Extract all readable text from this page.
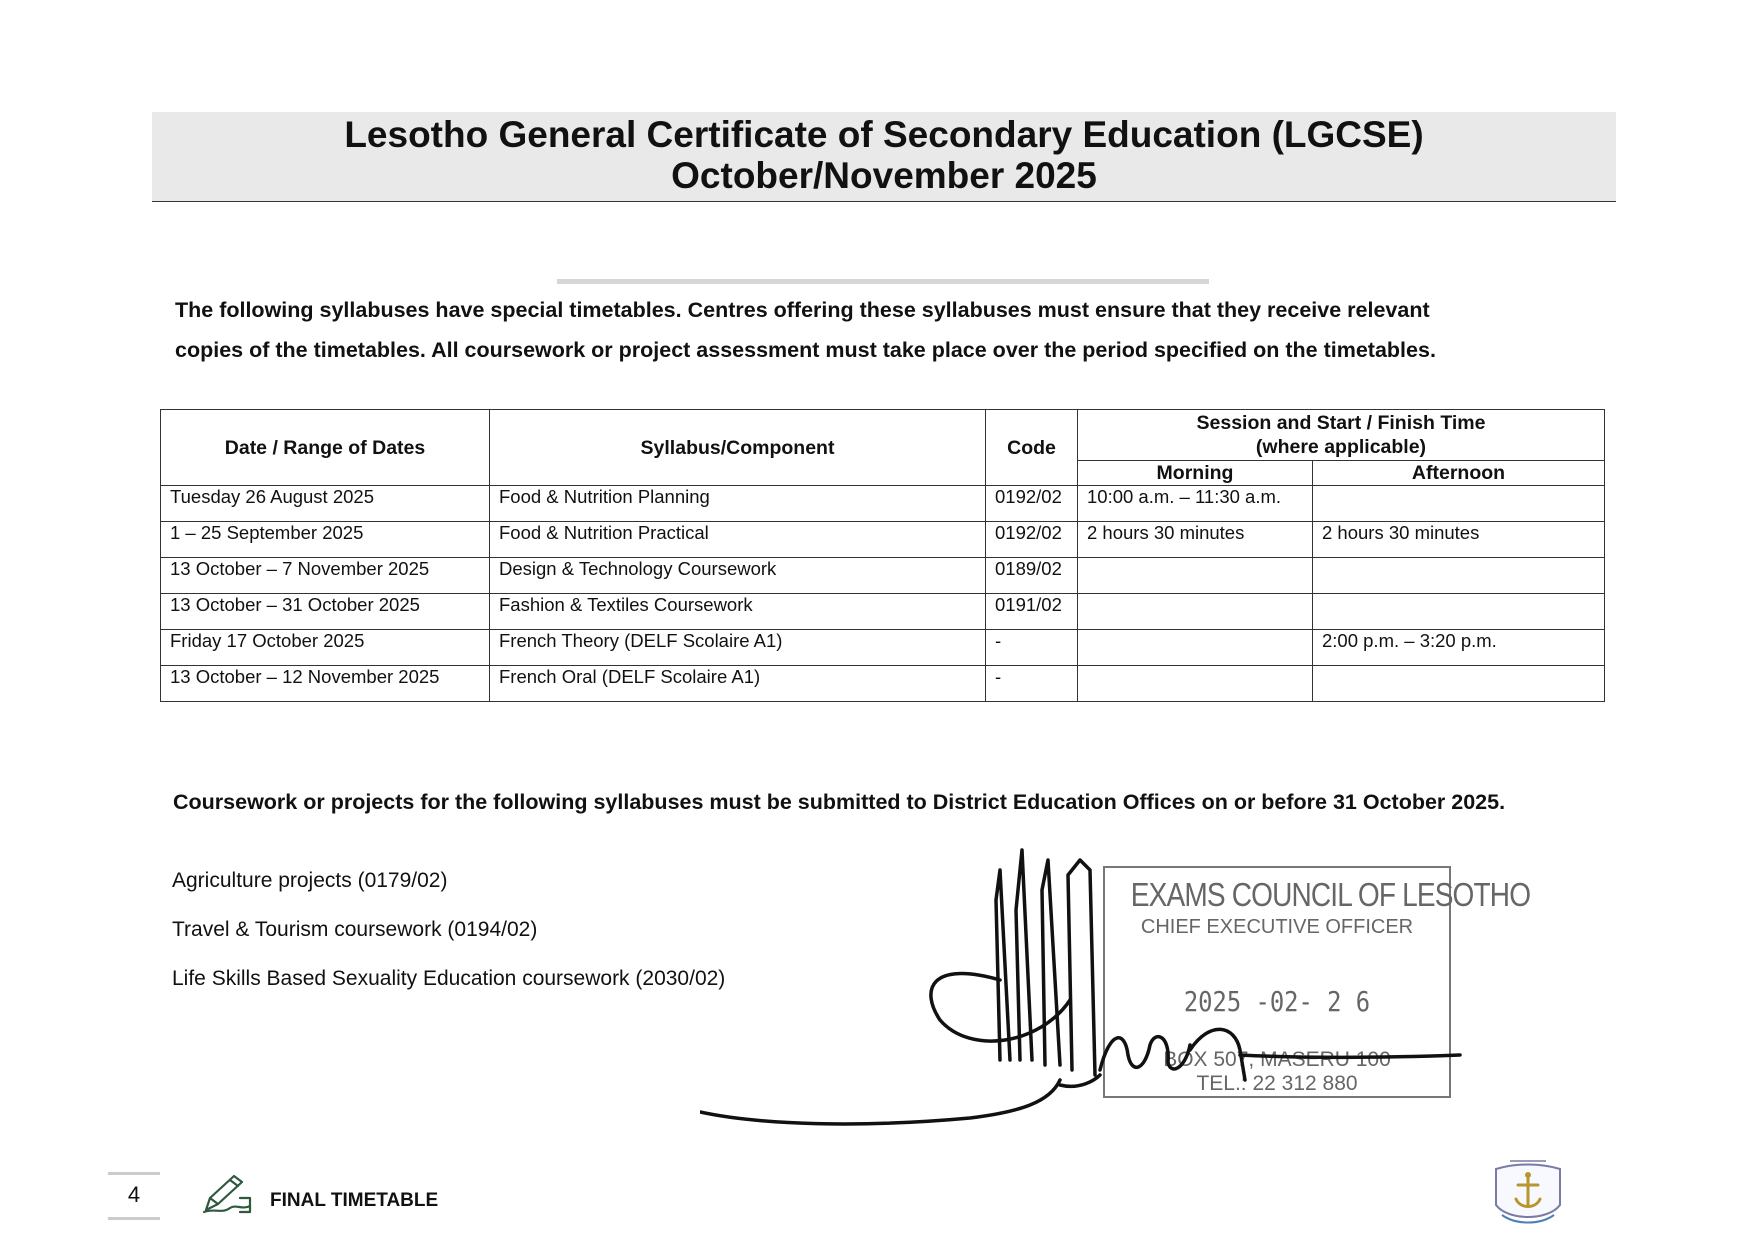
Lesotho General Certificate of Secondary Education (LGCSE)
October/November 2025
The following syllabuses have special timetables. Centres offering these syllabuses must ensure that they receive relevant
copies of the timetables. All coursework or project assessment must take place over the period specified on the timetables.
Date / Range of Dates	Syllabus/Component	Code	Session and Start / Finish Time
(where applicable)	

			Morning	Afternoon
Tuesday 26 August 2025	Food & Nutrition Planning	0192/02	10:00 a.m. – 11:30 a.m.	
1 – 25 September 2025	Food & Nutrition Practical	0192/02	2 hours 30 minutes	2 hours 30 minutes
13 October – 7 November 2025	Design & Technology Coursework	0189/02		
13 October – 31 October 2025	Fashion & Textiles Coursework	0191/02		
Friday 17 October 2025	French Theory (DELF Scolaire A1)	-		2:00 p.m. – 3:20 p.m.
13 October – 12 November 2025	French Oral (DELF Scolaire A1)	-		
Coursework or projects for the following syllabuses must be submitted to District Education Offices on or before 31 October 2025.
Agriculture projects (0179/02)
Travel & Tourism coursework (0194/02)
Life Skills Based Sexuality Education coursework (2030/02)
EXAMS COUNCIL OF LESOTHO
CHIEF EXECUTIVE OFFICER
2025 -02- 2 6
BOX 507, MASERU 100
TEL.: 22 312 880
4	FINAL TIMETABLE
